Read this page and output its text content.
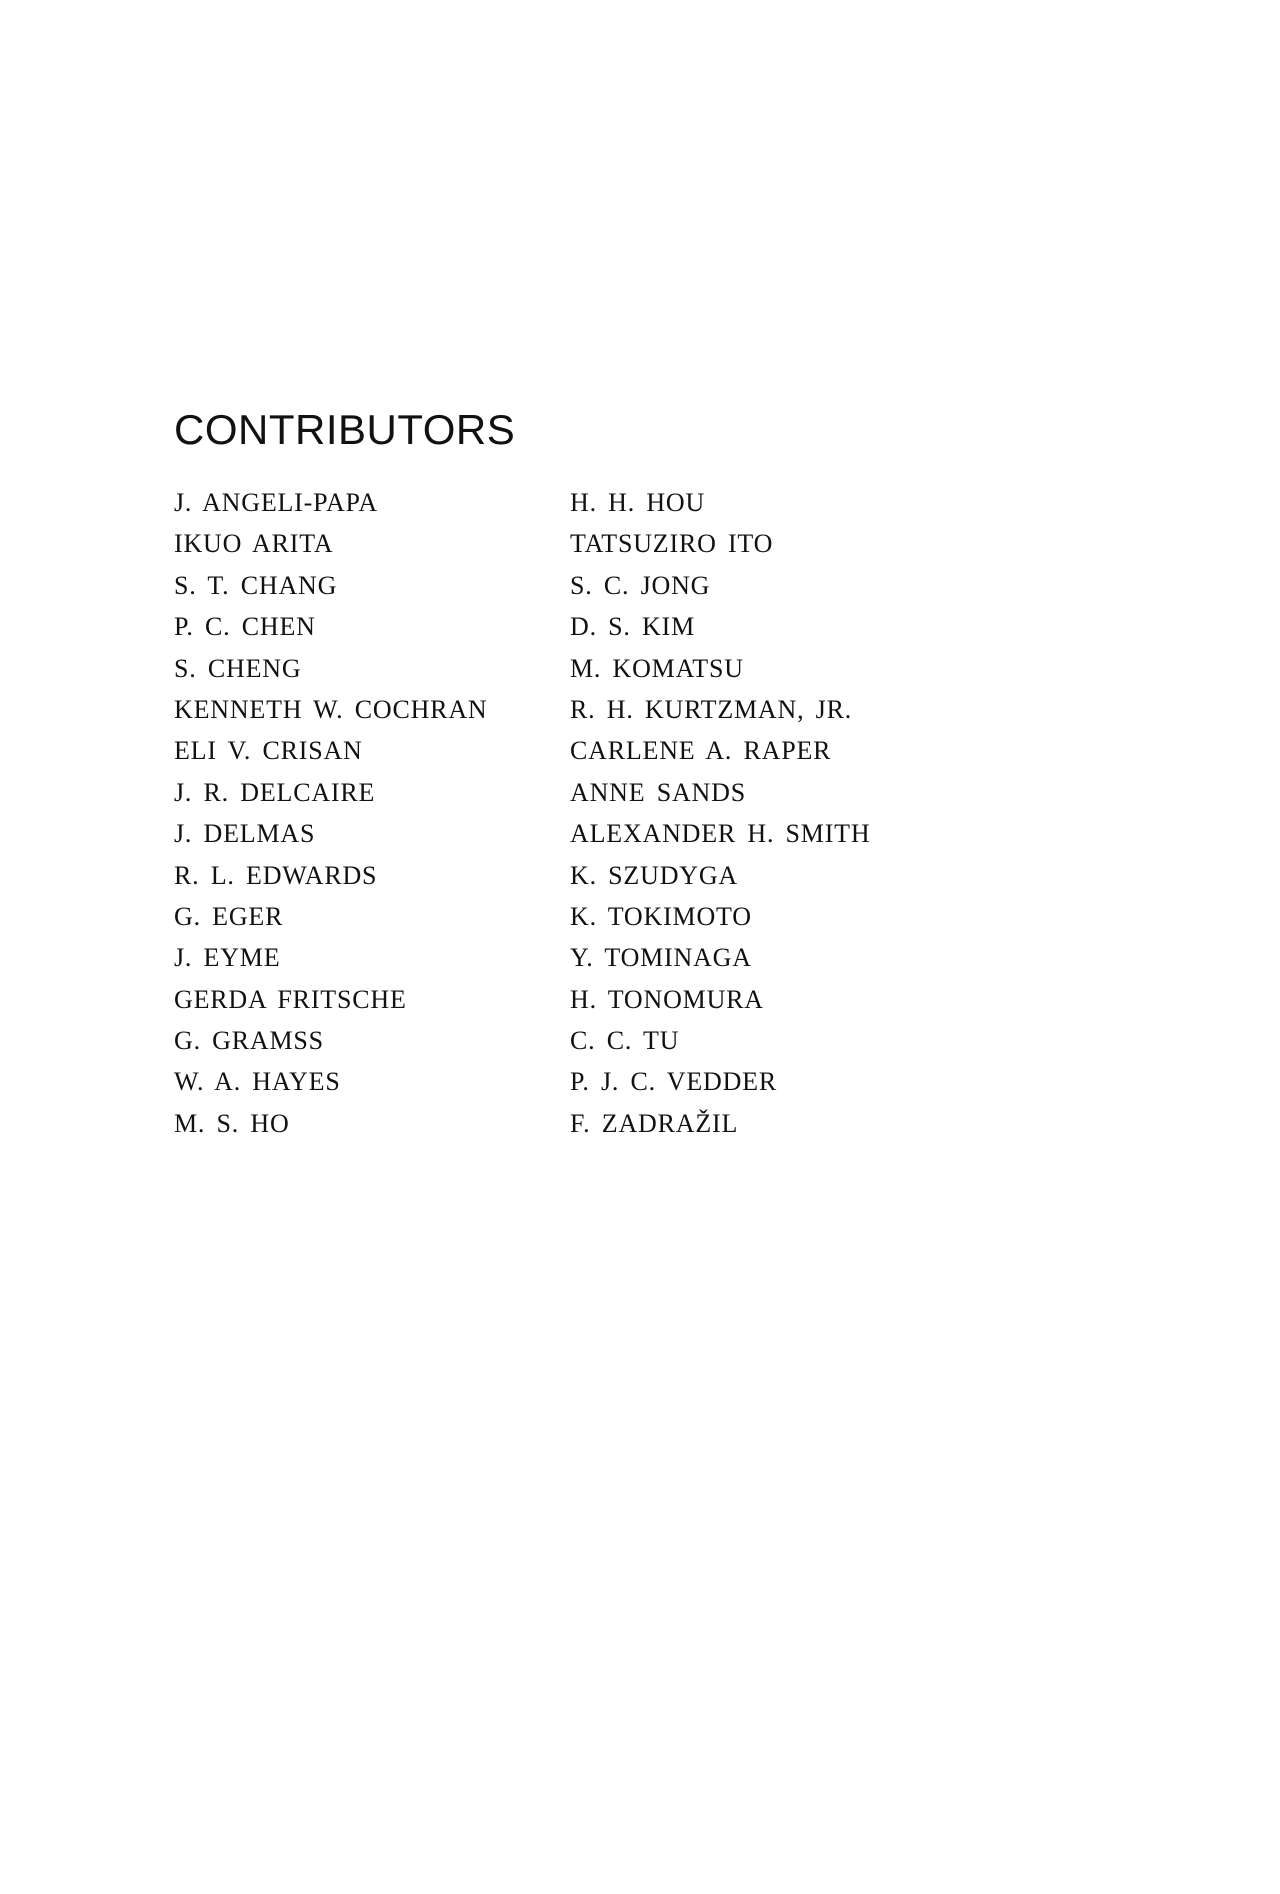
CONTRIBUTORS
J. ANGELI-PAPA
IKUO ARITA
S. T. CHANG
P. C. CHEN
S. CHENG
KENNETH W. COCHRAN
ELI V. CRISAN
J. R. DELCAIRE
J. DELMAS
R. L. EDWARDS
G. EGER
J. EYME
GERDA FRITSCHE
G. GRAMSS
W. A. HAYES
M. S. HO
H. H. HOU
TATSUZIRO ITO
S. C. JONG
D. S. KIM
M. KOMATSU
R. H. KURTZMAN, JR.
CARLENE A. RAPER
ANNE SANDS
ALEXANDER H. SMITH
K. SZUDYGA
K. TOKIMOTO
Y. TOMINAGA
H. TONOMURA
C. C. TU
P. J. C. VEDDER
F. ZADRAŽIL
